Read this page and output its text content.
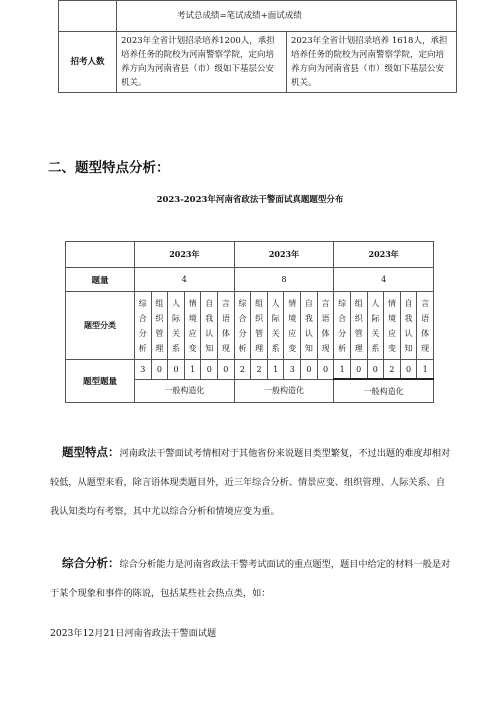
	考试总成绩=笔试成绩+面试成绩	
招考人数	2023年全省计划招录培养1200人，承担培养任务的院校为河南警察学院，定向培养方向为河南省县（市）级如下基层公安机关。	2023年全省计划招录培养 1618人，承担培养任务的院校为河南警察学院，定向培养方向为河南省县（市）级如下基层公安机关。
二、题型特点分析：
2023-2023年河南省政法干警面试真题题型分布
	2023年						2023年						2023年					
题量	4						8						4					
题型分类	综合分析	组织管理	人际关系	情境应变	自我认知	言语体现	综合分析	组织管理	人际关系	情境应变	自我认知	言语体现	综合分析	组织管理	人际关系	情境应变	自我认知	言语体现
题型题量	3	0	0	1	0	0	2	2	1	3	0	0	1	0	0	2	0	1
	一般构造化						一般构造化						一般构造化					
题型特点：河南政法干警面试考情相对于其他省份来说题目类型繁复，不过出题的难度却相对较低，从题型来看，除言语体现类题目外，近三年综合分析、情景应变、组织管理、人际关系、自我认知类均有考察，其中尤以综合分析和情境应变为重。
综合分析：综合分析能力是河南省政法干警考试面试的重点题型，题目中给定的材料一般是对于某个现象和事件的陈说，包括某些社会热点类，如：
2023年12月21日河南省政法干警面试题
